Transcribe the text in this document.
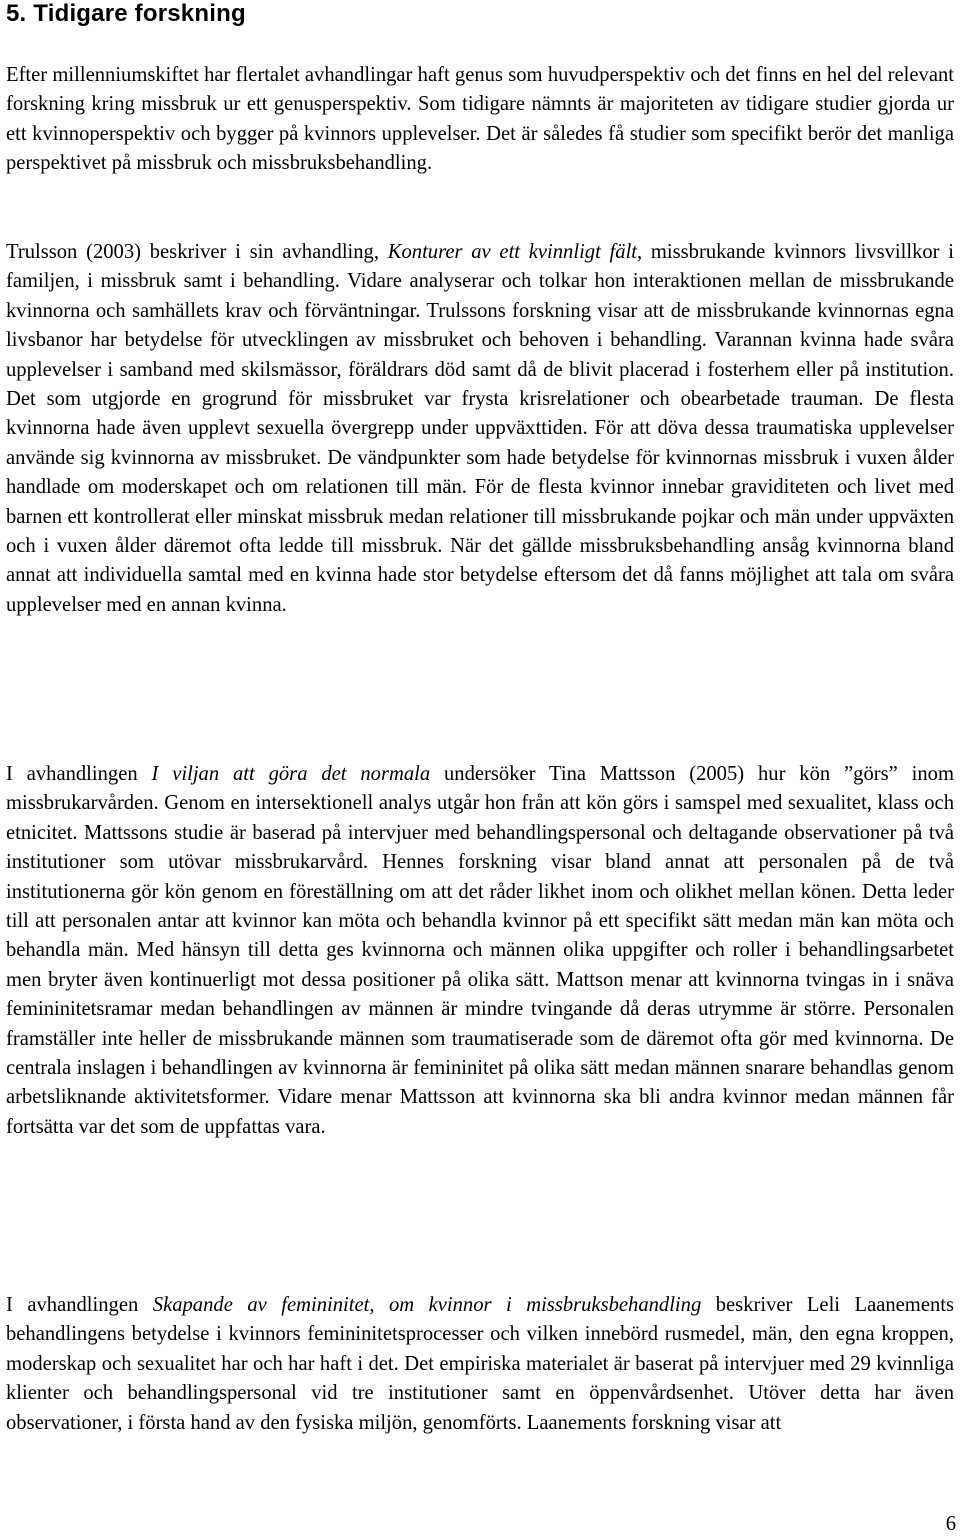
5. Tidigare forskning

Efter millenniumskiftet har flertalet avhandlingar haft genus som huvudperspektiv och det finns en hel del relevant forskning kring missbruk ur ett genusperspektiv. Som tidigare nämnts är majoriteten av tidigare studier gjorda ur ett kvinnoperspektiv och bygger på kvinnors upplevelser. Det är således få studier som specifikt berör det manliga perspektivet på missbruk och missbruksbehandling.

Trulsson (2003) beskriver i sin avhandling, Konturer av ett kvinnligt fält, missbrukande kvinnors livsvillkor i familjen, i missbruk samt i behandling. Vidare analyserar och tolkar hon interaktionen mellan de missbrukande kvinnorna och samhällets krav och förväntningar. Trulssons forskning visar att de missbrukande kvinnornas egna livsbanor har betydelse för utvecklingen av missbruket och behoven i behandling. Varannan kvinna hade svåra upplevelser i samband med skilsmässor, föräldrars död samt då de blivit placerad i fosterhem eller på institution. Det som utgjorde en grogrund för missbruket var frysta krisrelationer och obearbetade trauman. De flesta kvinnorna hade även upplevt sexuella övergrepp under uppväxttiden. För att döva dessa traumatiska upplevelser använde sig kvinnorna av missbruket. De vändpunkter som hade betydelse för kvinnornas missbruk i vuxen ålder handlade om moderskapet och om relationen till män. För de flesta kvinnor innebar graviditeten och livet med barnen ett kontrollerat eller minskat missbruk medan relationer till missbrukande pojkar och män under uppväxten och i vuxen ålder däremot ofta ledde till missbruk. När det gällde missbruksbehandling ansåg kvinnorna bland annat att individuella samtal med en kvinna hade stor betydelse eftersom det då fanns möjlighet att tala om svåra upplevelser med en annan kvinna.

I avhandlingen I viljan att göra det normala undersöker Tina Mattsson (2005) hur kön ”görs” inom missbrukarvården. Genom en intersektionell analys utgår hon från att kön görs i samspel med sexualitet, klass och etnicitet. Mattssons studie är baserad på intervjuer med behandlingspersonal och deltagande observationer på två institutioner som utövar missbrukarvård. Hennes forskning visar bland annat att personalen på de två institutionerna gör kön genom en föreställning om att det råder likhet inom och olikhet mellan könen. Detta leder till att personalen antar att kvinnor kan möta och behandla kvinnor på ett specifikt sätt medan män kan möta och behandla män. Med hänsyn till detta ges kvinnorna och männen olika uppgifter och roller i behandlingsarbetet men bryter även kontinuerligt mot dessa positioner på olika sätt. Mattson menar att kvinnorna tvingas in i snäva femininitetsramar medan behandlingen av männen är mindre tvingande då deras utrymme är större. Personalen framställer inte heller de missbrukande männen som traumatiserade som de däremot ofta gör med kvinnorna. De centrala inslagen i behandlingen av kvinnorna är femininitet på olika sätt medan männen snarare behandlas genom arbetsliknande aktivitetsformer. Vidare menar Mattsson att kvinnorna ska bli andra kvinnor medan männen får fortsätta var det som de uppfattas vara.

I avhandlingen Skapande av femininitet, om kvinnor i missbruksbehandling beskriver Leli Laanements behandlingens betydelse i kvinnors femininitetsprocesser och vilken innebörd rusmedel, män, den egna kroppen, moderskap och sexualitet har och har haft i det. Det empiriska materialet är baserat på intervjuer med 29 kvinnliga klienter och behandlingspersonal vid tre institutioner samt en öppenvårdsenhet. Utöver detta har även observationer, i första hand av den fysiska miljön, genomförts. Laanements forskning visar att

6
